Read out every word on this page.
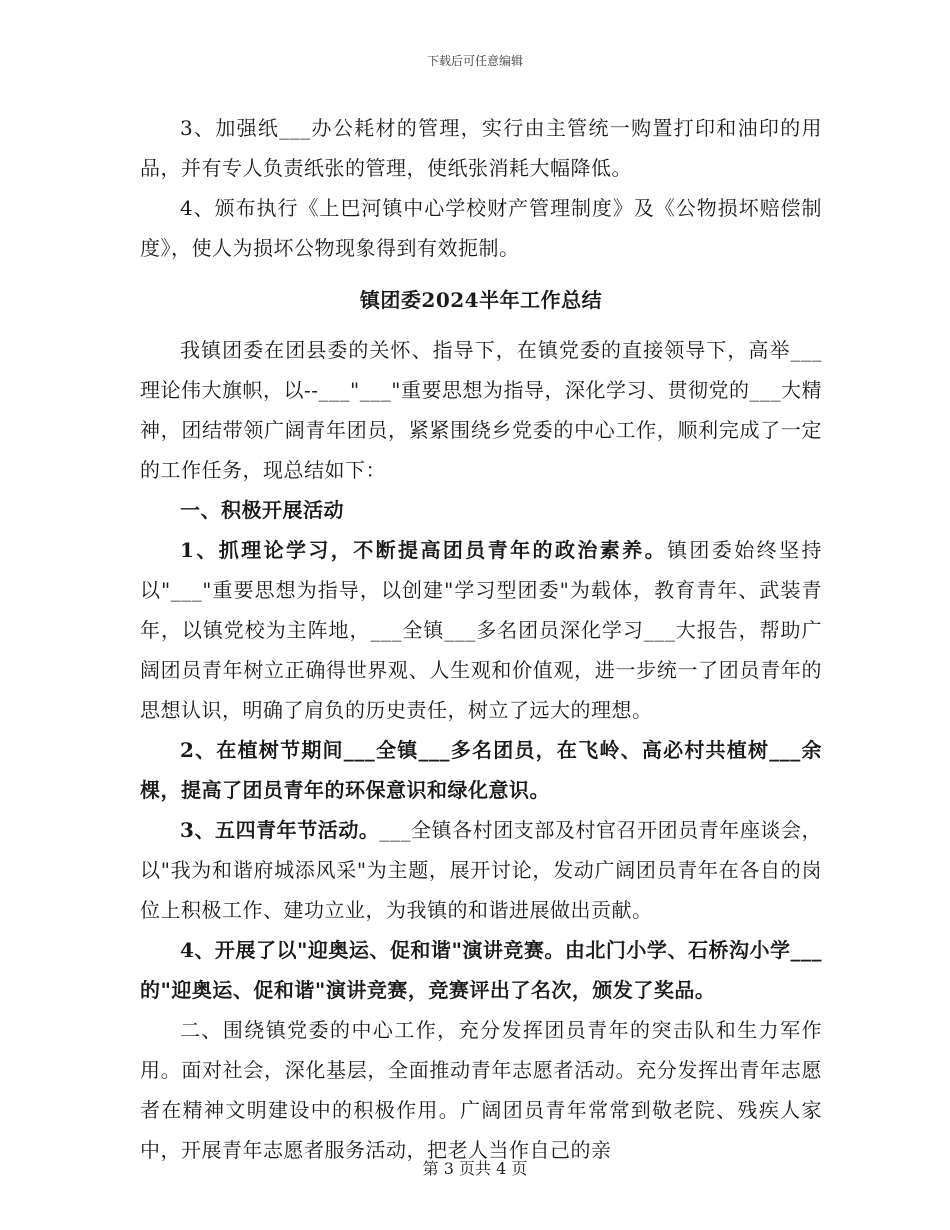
下载后可任意编辑

3、加强纸___办公耗材的管理，实行由主管统一购置打印和油印的用品，并有专人负责纸张的管理，使纸张消耗大幅降低。

4、颁布执行《上巴河镇中心学校财产管理制度》及《公物损坏赔偿制度》，使人为损坏公物现象得到有效扼制。

镇团委2024半年工作总结

我镇团委在团县委的关怀、指导下，在镇党委的直接领导下，高举___理论伟大旗帜，以--___"___"重要思想为指导，深化学习、贯彻党的___大精神，团结带领广阔青年团员，紧紧围绕乡党委的中心工作，顺利完成了一定的工作任务，现总结如下：

一、积极开展活动

1、抓理论学习，不断提高团员青年的政治素养。镇团委始终坚持以"___"重要思想为指导，以创建"学习型团委"为载体，教育青年、武装青年，以镇党校为主阵地，___全镇___多名团员深化学习___大报告，帮助广阔团员青年树立正确得世界观、人生观和价值观，进一步统一了团员青年的思想认识，明确了肩负的历史责任，树立了远大的理想。

2、在植树节期间___全镇___多名团员，在飞岭、高必村共植树___余棵，提高了团员青年的环保意识和绿化意识。

3、五四青年节活动。___全镇各村团支部及村官召开团员青年座谈会，以"我为和谐府城添风采"为主题，展开讨论，发动广阔团员青年在各自的岗位上积极工作、建功立业，为我镇的和谐进展做出贡献。

4、开展了以"迎奥运、促和谐"演讲竞赛。由北门小学、石桥沟小学___的"迎奥运、促和谐"演讲竞赛，竞赛评出了名次，颁发了奖品。

二、围绕镇党委的中心工作，充分发挥团员青年的突击队和生力军作用。面对社会，深化基层，全面推动青年志愿者活动。充分发挥出青年志愿者在精神文明建设中的积极作用。广阔团员青年常常到敬老院、残疾人家中，开展青年志愿者服务活动，把老人当作自己的亲

第 3 页共 4 页
